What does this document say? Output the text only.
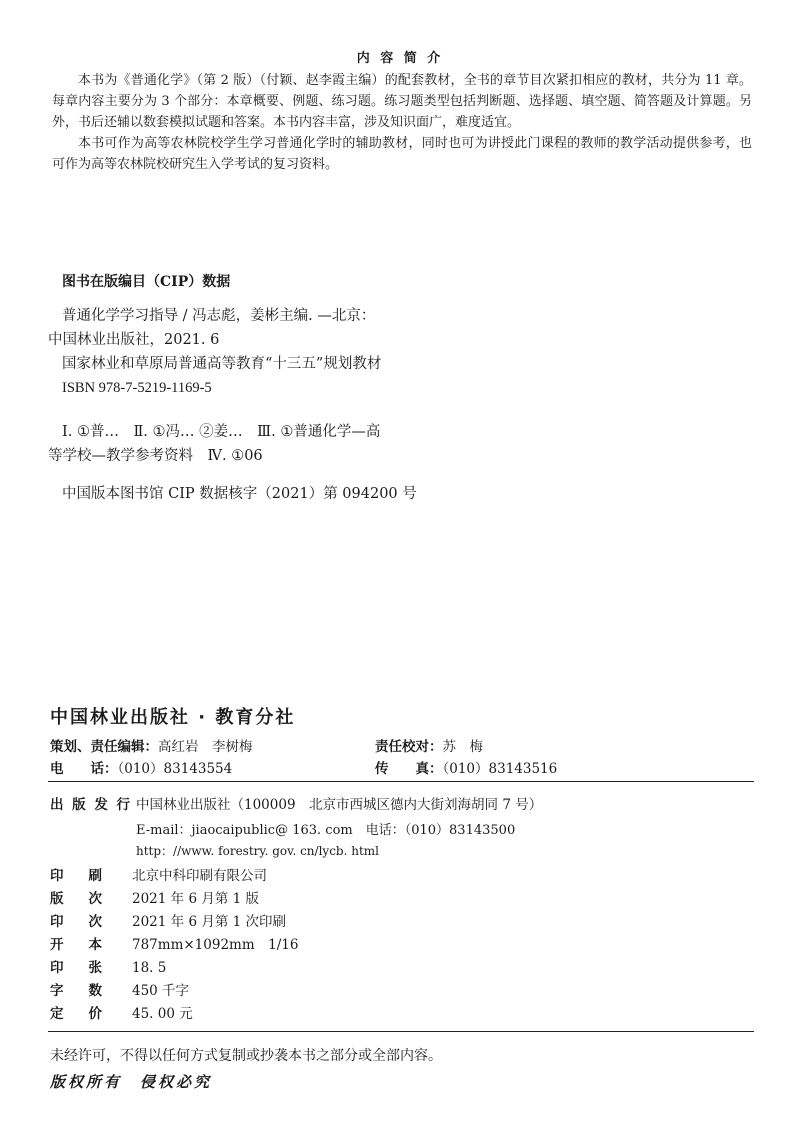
内 容 简 介

本书为《普通化学》（第 2 版）（付颖、赵李霞主编）的配套教材，全书的章节目次紧扣相应的教材，共分为 11 章。每章内容主要分为 3 个部分：本章概要、例题、练习题。练习题类型包括判断题、选择题、填空题、简答题及计算题。另外，书后还辅以数套模拟试题和答案。本书内容丰富，涉及知识面广，难度适宜。

本书可作为高等农林院校学生学习普通化学时的辅助教材，同时也可为讲授此门课程的教师的教学活动提供参考，也可作为高等农林院校研究生入学考试的复习资料。

图书在版编目（CIP）数据
普通化学学习指导 / 冯志彪，姜彬主编. —北京：
中国林业出版社，2021. 6
国家林业和草原局普通高等教育“十三五”规划教材
ISBN 978-7-5219-1169-5
Ⅰ. ①普…　Ⅱ. ①冯… ②姜…　Ⅲ. ①普通化学—高
等学校—教学参考资料　Ⅳ. ①06
中国版本图书馆 CIP 数据核字（2021）第 094200 号
中国林业出版社 · 教育分社
策划、责任编辑：高红岩　李树梅	责任校对：苏　梅
电　　话：（010）83143554	传　　真：（010）83143516
出版发行 中国林业出版社（100009　北京市西城区德内大街刘海胡同 7 号）
E-mail：jiaocaipublic@ 163. com　电话：（010）83143500
http：//www. forestry. gov. cn/lycb. html
印　刷 北京中科印刷有限公司
版　次 2021 年 6 月第 1 版
印　次 2021 年 6 月第 1 次印刷
开　本 787mm×1092mm　1/16
印　张 18. 5
字　数 450 千字
定　价 45. 00 元
未经许可，不得以任何方式复制或抄袭本书之部分或全部内容。
版权所有　侵权必究
